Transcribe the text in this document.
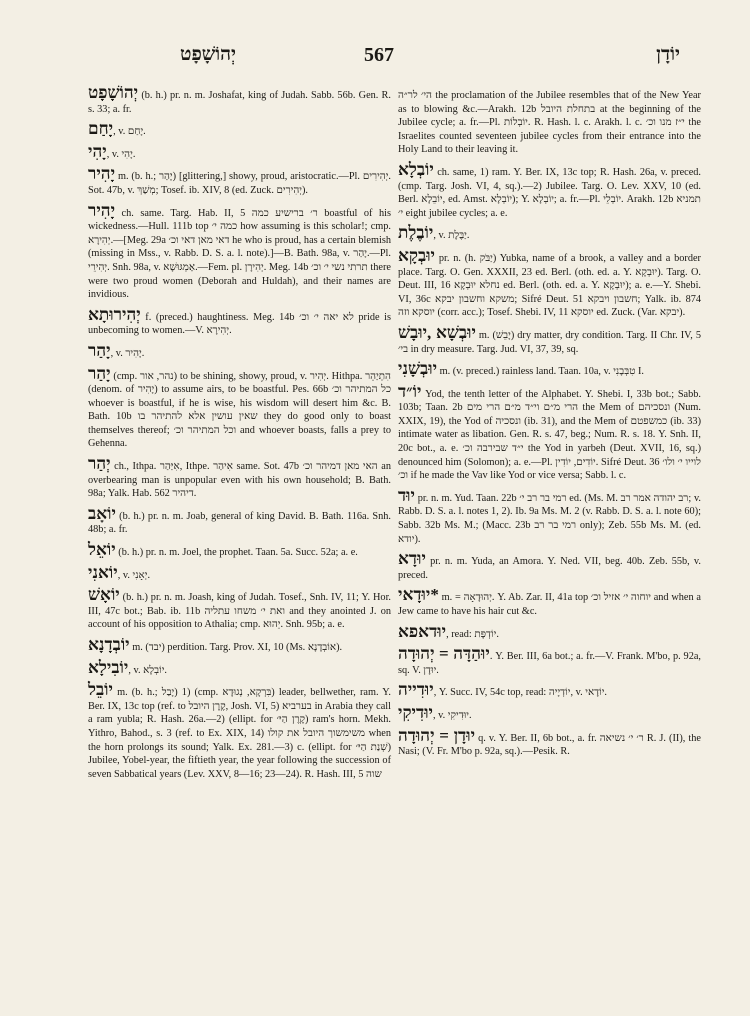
יְהוֹשָׁפָט	567	יוֹדָן
יְהוֹשָׁפָט (b. h.) pr. n. m. Joshafat, king of Judah. Sabb. 56b. Gen. R. s. 33; a. fr.
יָחַם, v. יָחַם.
יָהִי, v. יָהִי.
יָהִיר m. (b. h.; יָהַר) [glittering,] showy, proud, aristocratic.—Pl. יְהִירִים. Sot. 47b, v. מְשַׁךְ; Tosef. ib. XIV, 8 (ed. Zuck. יְהִירִים).
יָהִיר ch. same. Targ. Hab. II, 5 ר׳ ברישיע כמה boastful of his wickedness.—Hull. 111b top כמה י׳ how assuming is this scholar!; cmp. יְהִירָא.—[Meg. 29a דאי מאן דאי וכ׳ he who is proud, has a certain blemish (missing in Mss., v. Rabb. D. S. a. l. note).]—B. Bath. 98a, v. יָהַר.—Pl. יְהִירֵי. Snh. 98a, v. אַמְגּוּשָׁא.—Fem. pl. יְהִירָן. Meg. 14b תרתי נשי י׳ וכ׳ there were two proud women (Deborah and Huldah), and their names are invidious.
יְהִירוּתָא f. (preced.) haughtiness. Meg. 14b לא יאה י׳ וכ׳ pride is unbecoming to women.—V. יְהִירָא.
יָהַר, v. יָהִיר.
יָהַר (cmp. נהר, אור) to be shining, showy, proud, v. יְהִיר. Hithpa. הִתְיַהֵר (denom. of יָהִיר) to assume airs, to be boastful. Pes. 66b כל המתיהר וכ׳ whoever is boastful, if he is wise, his wisdom will desert him &c. B. Bath. 10b שאין עושין אלא להתיהר בו they do good only to boast themselves thereof; וכל המתיהר וכ׳ and whoever boasts, falls a prey to Gehenna.
יְהַר ch., Ithpa. אִיַּהַר, Ithpe. אִיהַר same. Sot. 47b האי מאן דמיהר וכ׳ an overbearing man is unpopular even with his own household; B. Bath. 98a; Yalk. Hab. 562 דיהיר.
יוֹאָב (b. h.) pr. n. m. Joab, general of king David. B. Bath. 116a. Snh. 48b; a. fr.
יוֹאֵל (b. h.) pr. n. m. Joel, the prophet. Taan. 5a. Succ. 52a; a. e.
יוֹאנִי, v. יְאָנִי.
יוֹאָשׁ (b. h.) pr. n. m. Joash, king of Judah. Tosef., Snh. IV, 11; Y. Hor. III, 47c bot.; Bab. ib. 11b ואת י׳ משחו עתליה and they anointed J. on account of his opposition to Athalia; cmp. יֵהוּא. Snh. 95b; a. e.
יוֹבְדָנָא m. (יבד) perdition. Targ. Prov. XI, 10 (Ms. אוֹבְדָנָא).
יוֹבִילָא, v. יוֹבְלָא.
יוֹבֵל m. (b. h.; יָבַל) 1) (cmp. בִּרְקָא, נְגוּדָא) leader, bellwether, ram. Y. Ber. IX, 13c top (ref. to קֶרֶן היובל, Josh. VI, 5) בערביא in Arabia they call a ram yubla; R. Hash. 26a.—2) (ellipt. for קֶרֶן הַיּ׳) ram's horn. Mekh. Yithro, Bahod., s. 3 (ref. to Ex. XIX, 14) משימשוך היובל את קולו when the horn prolongs its sound; Yalk. Ex. 281.—3) c. (ellipt. for שְׁנַת הַיּ׳) Jubilee, Yobel-year, the fiftieth year, the year following the succession of seven Sabbatical years (Lev. XXV, 8—16; 23—24). R. Hash. III, 5 שוה
הי׳ לר״ה the proclamation of the Jubilee resembles that of the New Year as to blowing &c.—Arakh. 12b בתחלת היובל at the beginning of the Jubilee cycle; a. fr.—Pl. יוֹבְלוֹת. R. Hash. l. c. Arakh. l. c. י״ז מנו וכ׳ the Israelites counted seventeen jubilee cycles from their entrance into the Holy Land to their leaving it.
יוֹבְלָא ch. same, 1) ram. Y. Ber. IX, 13c top; R. Hash. 26a, v. preced. (cmp. Targ. Josh. VI, 4, sq.).—2) Jubilee. Targ. O. Lev. XXV, 10 (ed. Berl. יוֹבֵלָא, ed. Amst. יוֹבְלָא); Y. יוֹבְלָא; a. fr.—Pl. יוֹבְלֵי. Arakh. 12b תמניא י׳ eight jubilee cycles; a. e.
יוֹבֶלֶת, v. יַבֶּלֶת.
יוּבְקָא pr. n. (h. יַבֹּק) Yubka, name of a brook, a valley and a border place. Targ. O. Gen. XXXII, 23 ed. Berl. (oth. ed. a. Y. יוּבְקָא). Targ. O. Deut. III, 16 נחלא יוּבְקָא ed. Berl. (oth. ed. a. Y. יוּבְקָא); a. e.—Y. Shebi. VI, 36c משקא וחשבון יבקא; Sifré Deut. 51 חשבון ויבקא; Yalk. ib. 874 יוסקא וזה (corr. acc.); Tosef. Shebi. IV, 11 יוסקא ed. Zuck. (Var. יבקא).
יוּבְשָׁא ,יוּבָשׁ m. (יָבֵשׁ) dry matter, dry condition. Targ. II Chr. IV, 5 בי׳ in dry measure. Targ. Jud. VI, 37, 39, sq.
יוּבְשָׁנִי m. (v. preced.) rainless land. Taan. 10a, v. טִבְּבָנִי I.
יוֹ״ד Yod, the tenth letter of the Alphabet. Y. Shebi. I, 33b bot.; Sabb. 103b; Taan. 2b הרי מ״ם וי״ד מ״ם הרי מים the Mem of ונסכיהם (Num. XXIX, 19), the Yod of ונסכיה (ib. 31), and the Mem of כמשפטם (ib. 33) intimate water as libation. Gen. R. s. 47, beg.; Num. R. s. 18. Y. Snh. II, 20c bot., a. e. י״ד שבירבה וכ׳ the Yod in yarbeh (Deut. XVII, 16, sq.) denounced him (Solomon); a. e.—Pl. יוֹדִים, יוֹדִין. Sifré Deut. 36 לוייו י׳ ולו׳ וכ׳ if he made the Vav like Yod or vice versa; Sabb. l. c.
יוּד pr. n. m. Yud. Taan. 22b רמי בר רב י׳ ed. (Ms. M. רב יהודה אמר רב; v. Rabb. D. S. a. l. notes 1, 2). Ib. 9a Ms. M. 2 (v. Rabb. D. S. a. l. note 60); Sabb. 32b Ms. M.; (Macc. 23b רמי בר רב only); Zeb. 55b Ms. M. (ed. יודא).
יוּדָא pr. n. m. Yuda, an Amora. Y. Ned. VII, beg. 40b. Zeb. 55b, v. preced.
יוּדָאי* m. = יְהוּדָאָה. Y. Ab. Zar. II, 41a top יוחוה י׳ אזיל וכ׳ and when a Jew came to have his hair cut &c.
יוּדאפא, read: יוֹדְפָּת.
יוּהַדָּה = יְהוּדָה. Y. Ber. III, 6a bot.; a. fr.—V. Frank. M'bo, p. 92a, sq. V. יוּדָן.
יוּדִייה, Y. Succ. IV, 54c top, read: יוֹדְיָיה, v. יוֹדָאי.
יוּדִיקִי, v. יוּדִיקִי.
יוּדָן = יְהוּדָה q. v. Y. Ber. II, 6b bot., a. fr. ר׳ י׳ נשיאה R. J. (II), the Nasi; (V. Fr. M'bo p. 92a, sq.).—Pesik. R.
